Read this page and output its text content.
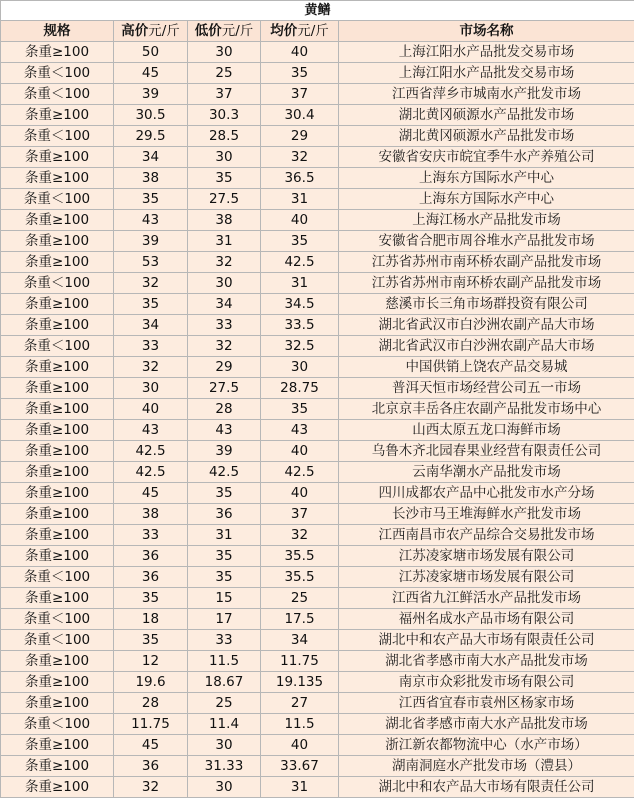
黄鳝				
规格	高价元/斤	低价元/斤	均价元/斤	市场名称
条重≥100	50	30	40	上海江阳水产品批发交易市场
条重＜100	45	25	35	上海江阳水产品批发交易市场
条重＜100	39	37	37	江西省萍乡市城南水产批发市场
条重≥100	30.5	30.3	30.4	湖北黄冈硕源水产品批发市场
条重＜100	29.5	28.5	29	湖北黄冈硕源水产品批发市场
条重≥100	34	30	32	安徽省安庆市皖宜季牛水产养殖公司
条重≥100	38	35	36.5	上海东方国际水产中心
条重＜100	35	27.5	31	上海东方国际水产中心
条重≥100	43	38	40	上海江杨水产品批发市场
条重≥100	39	31	35	安徽省合肥市周谷堆水产品批发市场
条重≥100	53	32	42.5	江苏省苏州市南环桥农副产品批发市场
条重＜100	32	30	31	江苏省苏州市南环桥农副产品批发市场
条重≥100	35	34	34.5	慈溪市长三角市场群投资有限公司
条重≥100	34	33	33.5	湖北省武汉市白沙洲农副产品大市场
条重＜100	33	32	32.5	湖北省武汉市白沙洲农副产品大市场
条重≥100	32	29	30	中国供销上饶农产品交易城
条重≥100	30	27.5	28.75	普洱天恒市场经营公司五一市场
条重≥100	40	28	35	北京京丰岳各庄农副产品批发市场中心
条重≥100	43	43	43	山西太原五龙口海鲜市场
条重≥100	42.5	39	40	乌鲁木齐北园春果业经营有限责任公司
条重≥100	42.5	42.5	42.5	云南华潮水产品批发市场
条重≥100	45	35	40	四川成都农产品中心批发市水产分场
条重≥100	38	36	37	长沙市马王堆海鲜水产批发市场
条重≥100	33	31	32	江西南昌市农产品综合交易批发市场
条重≥100	36	35	35.5	江苏凌家塘市场发展有限公司
条重＜100	36	35	35.5	江苏凌家塘市场发展有限公司
条重≥100	35	15	25	江西省九江鲜活水产品批发市场
条重＜100	18	17	17.5	福州名成水产品市场有限公司
条重＜100	35	33	34	湖北中和农产品大市场有限责任公司
条重≥100	12	11.5	11.75	湖北省孝感市南大水产品批发市场
条重≥100	19.6	18.67	19.135	南京市众彩批发市场有限公司
条重≥100	28	25	27	江西省宜春市袁州区杨家市场
条重＜100	11.75	11.4	11.5	湖北省孝感市南大水产品批发市场
条重≥100	45	30	40	浙江新农都物流中心（水产市场）
条重≥100	36	31.33	33.67	湖南洞庭水产批发市场（澧县）
条重≥100	32	30	31	湖北中和农产品大市场有限责任公司
